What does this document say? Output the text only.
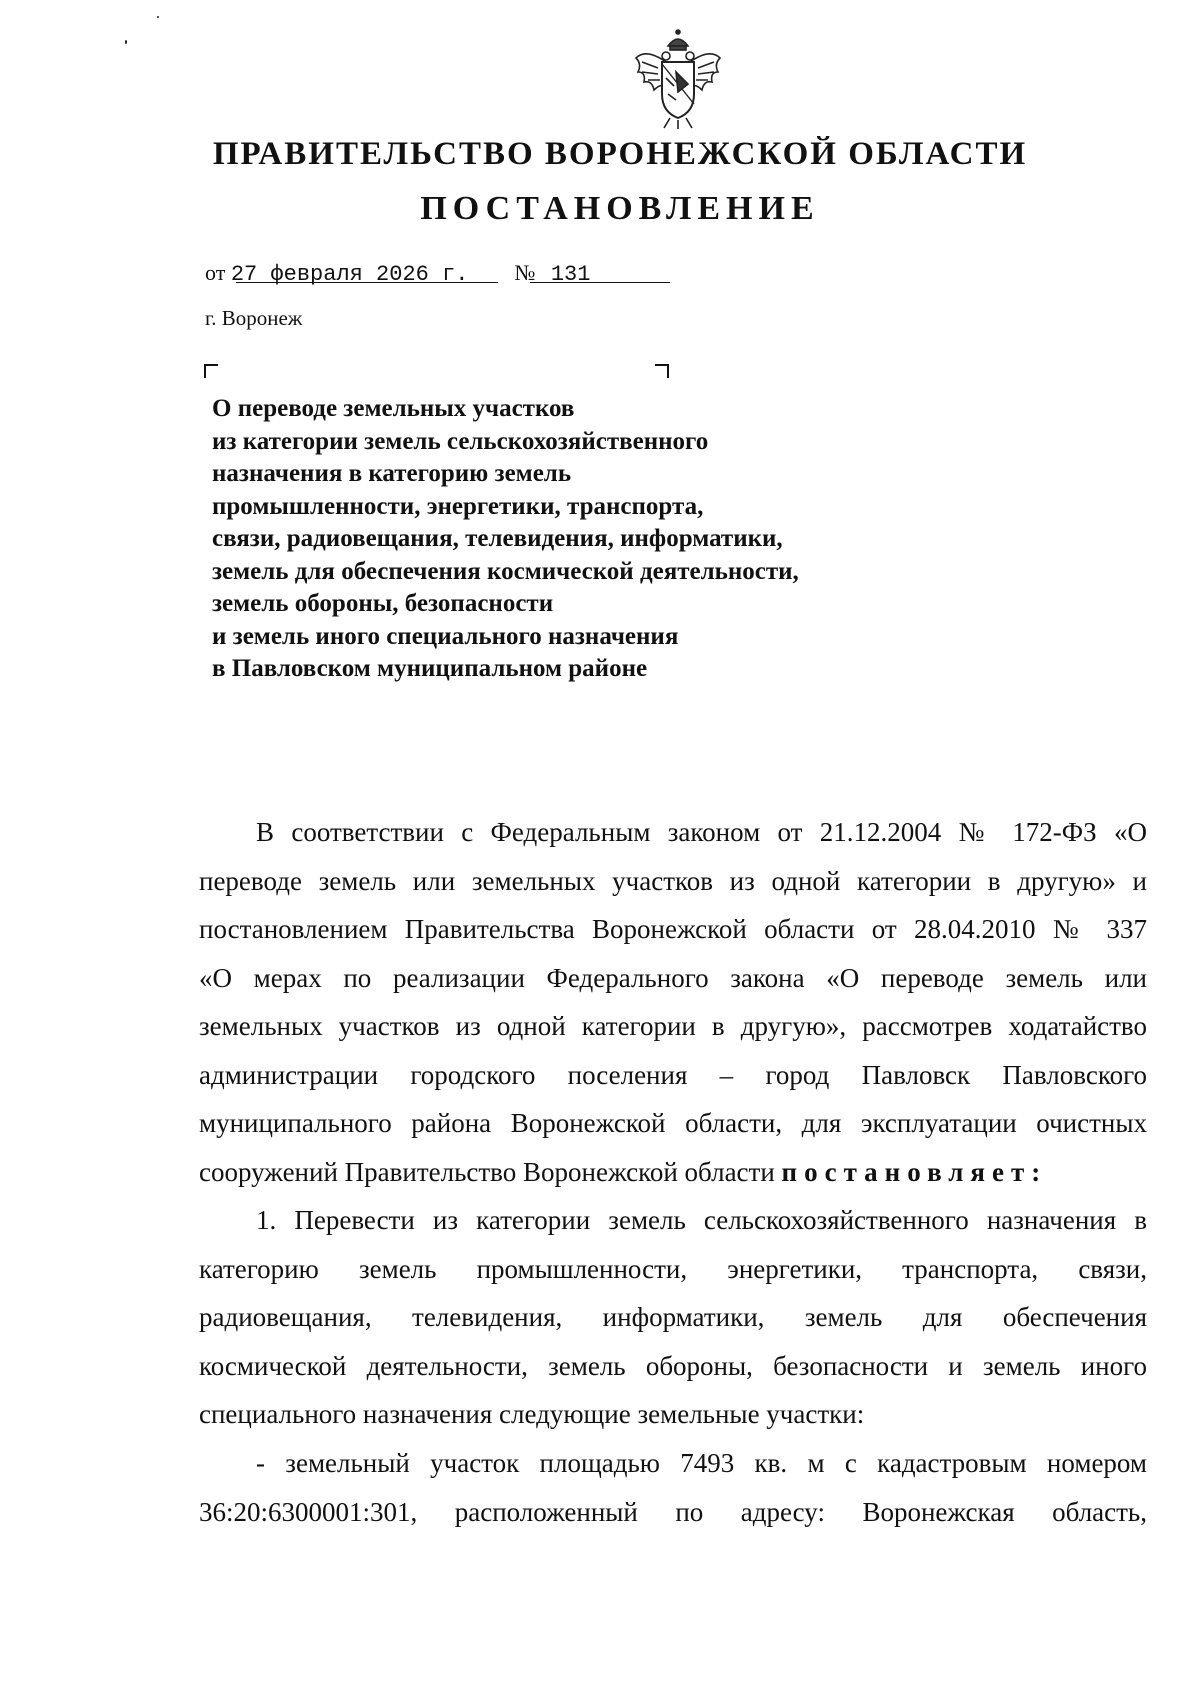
ПРАВИТЕЛЬСТВО ВОРОНЕЖСКОЙ ОБЛАСТИ
ПОСТАНОВЛЕНИЕ
от 27 февраля 2026 г. № 131
г. Воронеж
О переводе земельных участков
из категории земель сельскохозяйственного
назначения в категорию земель
промышленности, энергетики, транспорта,
связи, радиовещания, телевидения, информатики,
земель для обеспечения космической деятельности,
земель обороны, безопасности
и земель иного специального назначения
в Павловском муниципальном районе
В соответствии с Федеральным законом от 21.12.2004 № 172-ФЗ «О
переводе земель или земельных участков из одной категории в другую» и
постановлением Правительства Воронежской области от 28.04.2010 № 337
«О мерах по реализации Федерального закона «О переводе земель или
земельных участков из одной категории в другую», рассмотрев ходатайство
администрации городского поселения – город Павловск Павловского
муниципального района Воронежской области, для эксплуатации очистных
сооружений Правительство Воронежской области постановляет:
1. Перевести из категории земель сельскохозяйственного назначения в
категорию земель промышленности, энергетики, транспорта, связи,
радиовещания, телевидения, информатики, земель для обеспечения
космической деятельности, земель обороны, безопасности и земель иного
специального назначения следующие земельные участки:
- земельный участок площадью 7493 кв. м с кадастровым номером
36:20:6300001:301, расположенный по адресу: Воронежская область,
